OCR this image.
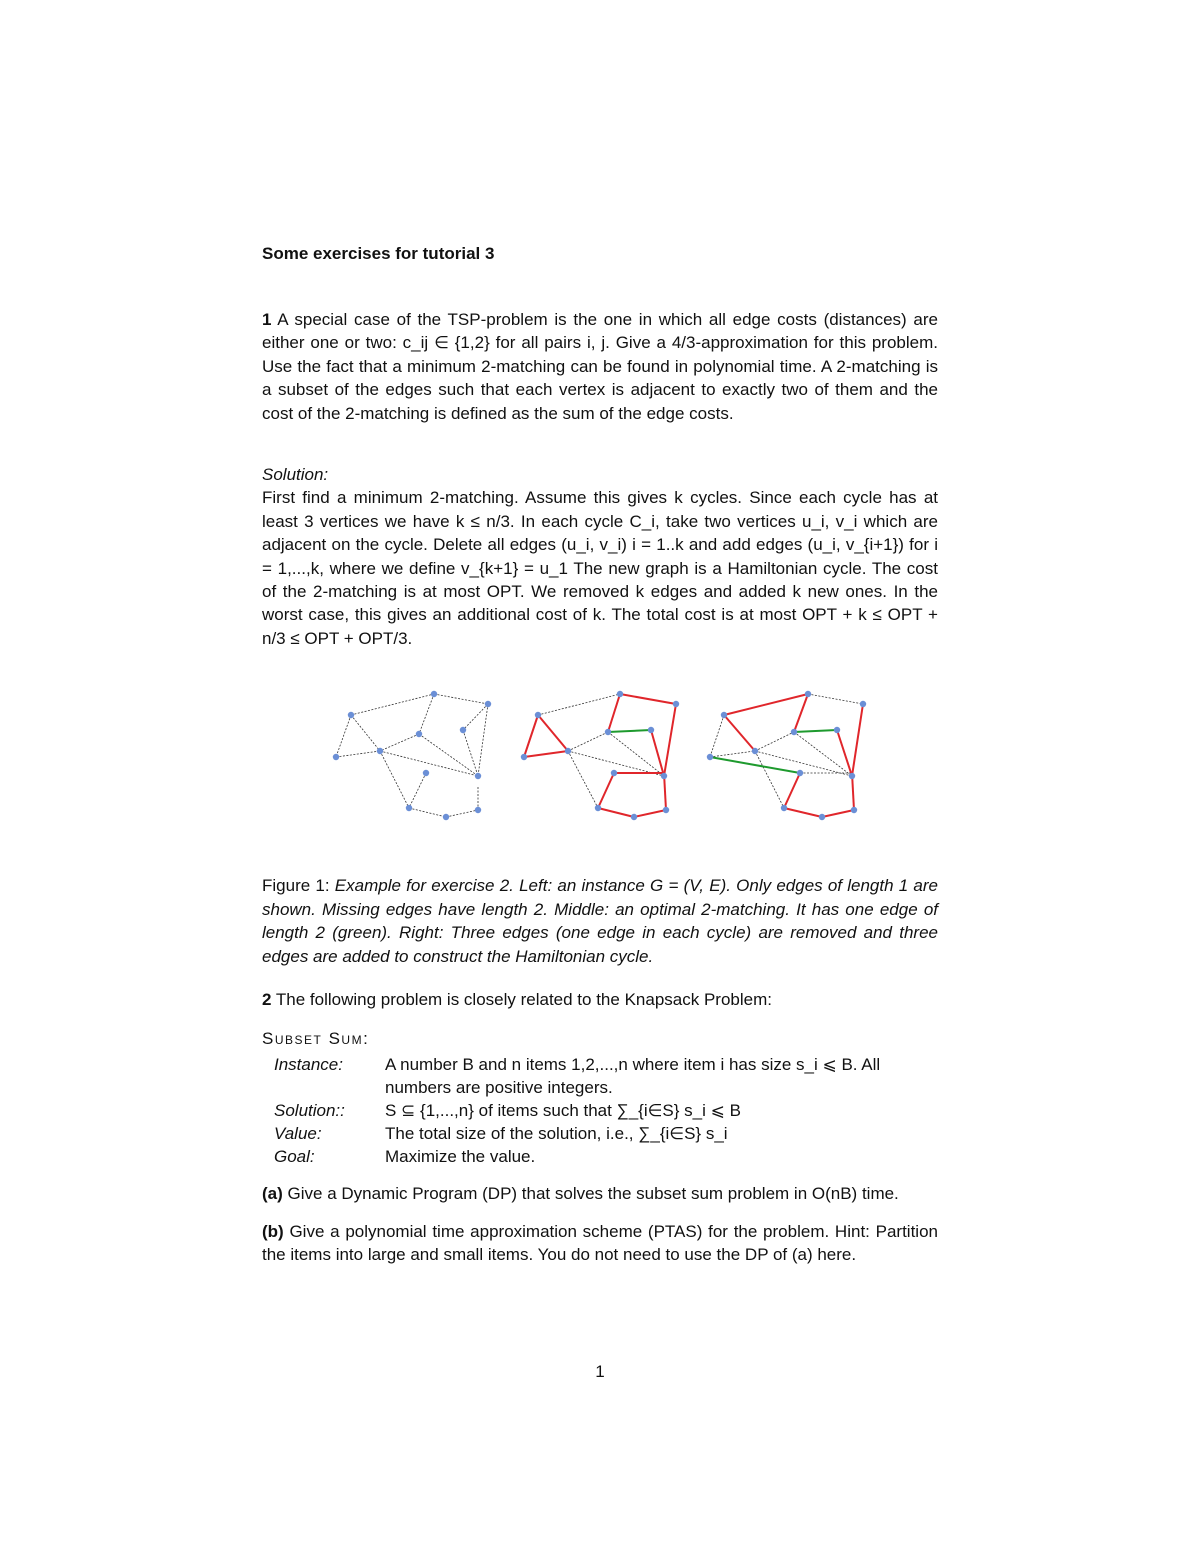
Some exercises for tutorial 3

1 A special case of the TSP-problem is the one in which all edge costs (distances) are either one or two: c_ij ∈ {1,2} for all pairs i, j. Give a 4/3-approximation for this problem. Use the fact that a minimum 2-matching can be found in polynomial time. A 2-matching is a subset of the edges such that each vertex is adjacent to exactly two of them and the cost of the 2-matching is defined as the sum of the edge costs.

Solution:

First find a minimum 2-matching. Assume this gives k cycles. Since each cycle has at least 3 vertices we have k ≤ n/3. In each cycle C_i, take two vertices u_i, v_i which are adjacent on the cycle. Delete all edges (u_i, v_i) i = 1..k and add edges (u_i, v_{i+1}) for i = 1,...,k, where we define v_{k+1} = u_1 The new graph is a Hamiltonian cycle. The cost of the 2-matching is at most OPT. We removed k edges and added k new ones. In the worst case, this gives an additional cost of k. The total cost is at most OPT + k ≤ OPT + n/3 ≤ OPT + OPT/3.

Figure 1: Example for exercise 2. Left: an instance G = (V, E). Only edges of length 1 are shown. Missing edges have length 2. Middle: an optimal 2-matching. It has one edge of length 2 (green). Right: Three edges (one edge in each cycle) are removed and three edges are added to construct the Hamiltonian cycle.

2 The following problem is closely related to the Knapsack Problem:

Subset Sum:
Instance:	A number B and n items 1,2,...,n where item i has size s_i ⩽ B. All numbers are positive integers.
Solution::	S ⊆ {1,...,n} of items such that ∑_{i∈S} s_i ⩽ B
Value:	The total size of the solution, i.e., ∑_{i∈S} s_i
Goal:	Maximize the value.

(a) Give a Dynamic Program (DP) that solves the subset sum problem in O(nB) time.

(b) Give a polynomial time approximation scheme (PTAS) for the problem. Hint: Partition the items into large and small items. You do not need to use the DP of (a) here.

1
